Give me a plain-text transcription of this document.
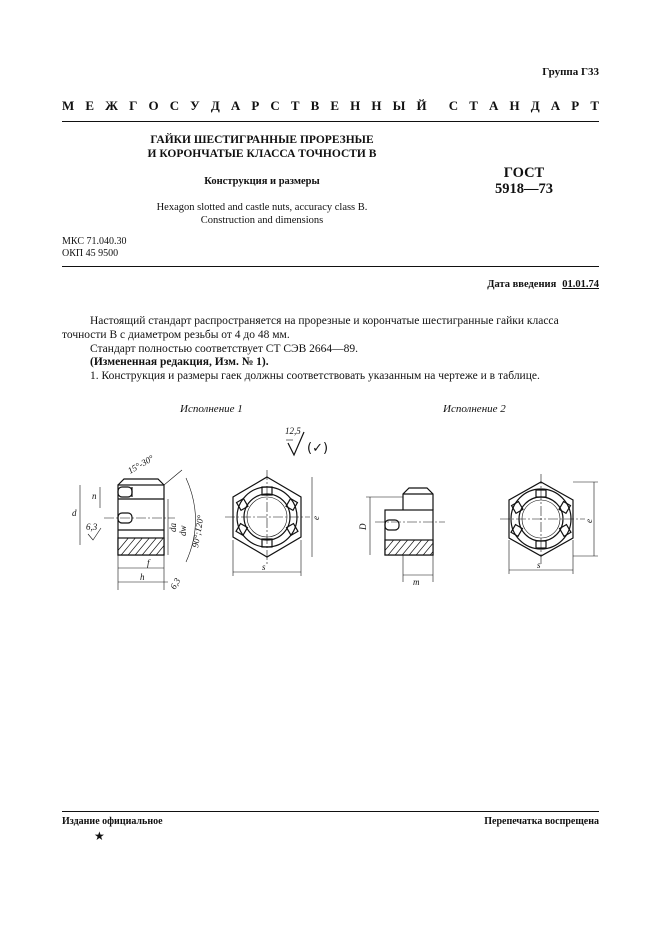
Группа Г33
М Е Ж Г О С У Д А Р С Т В Е Н Н Ы Й С Т А Н Д А Р Т
ГАЙКИ ШЕСТИГРАННЫЕ ПРОРЕЗНЫЕ
И КОРОНЧАТЫЕ КЛАССА ТОЧНОСТИ В
Конструкция и размеры
Hexagon slotted and castle nuts, accuracy class B.
Construction and dimensions
ГОСТ
5918—73
МКС 71.040.30
ОКП 45 9500
Дата введения 01.01.74
Настоящий стандарт распространяется на прорезные и корончатые шестигранные гайки класса точности В с диаметром резьбы от 4 до 48 мм.
Стандарт полностью соответствует СТ СЭВ 2664—89.
(Измененная редакция, Изм. № 1).
1. Конструкция и размеры гаек должны соответствовать указанным на чертеже и в таблице.
Исполнение 1	Исполнение 2
12,5
(✓)
d
n
6,3
15°-30°
dа dw 90°;120°
f
h	6,3
e
s
D
m
e
s
Издание официальное	Перепечатка воспрещена
★
